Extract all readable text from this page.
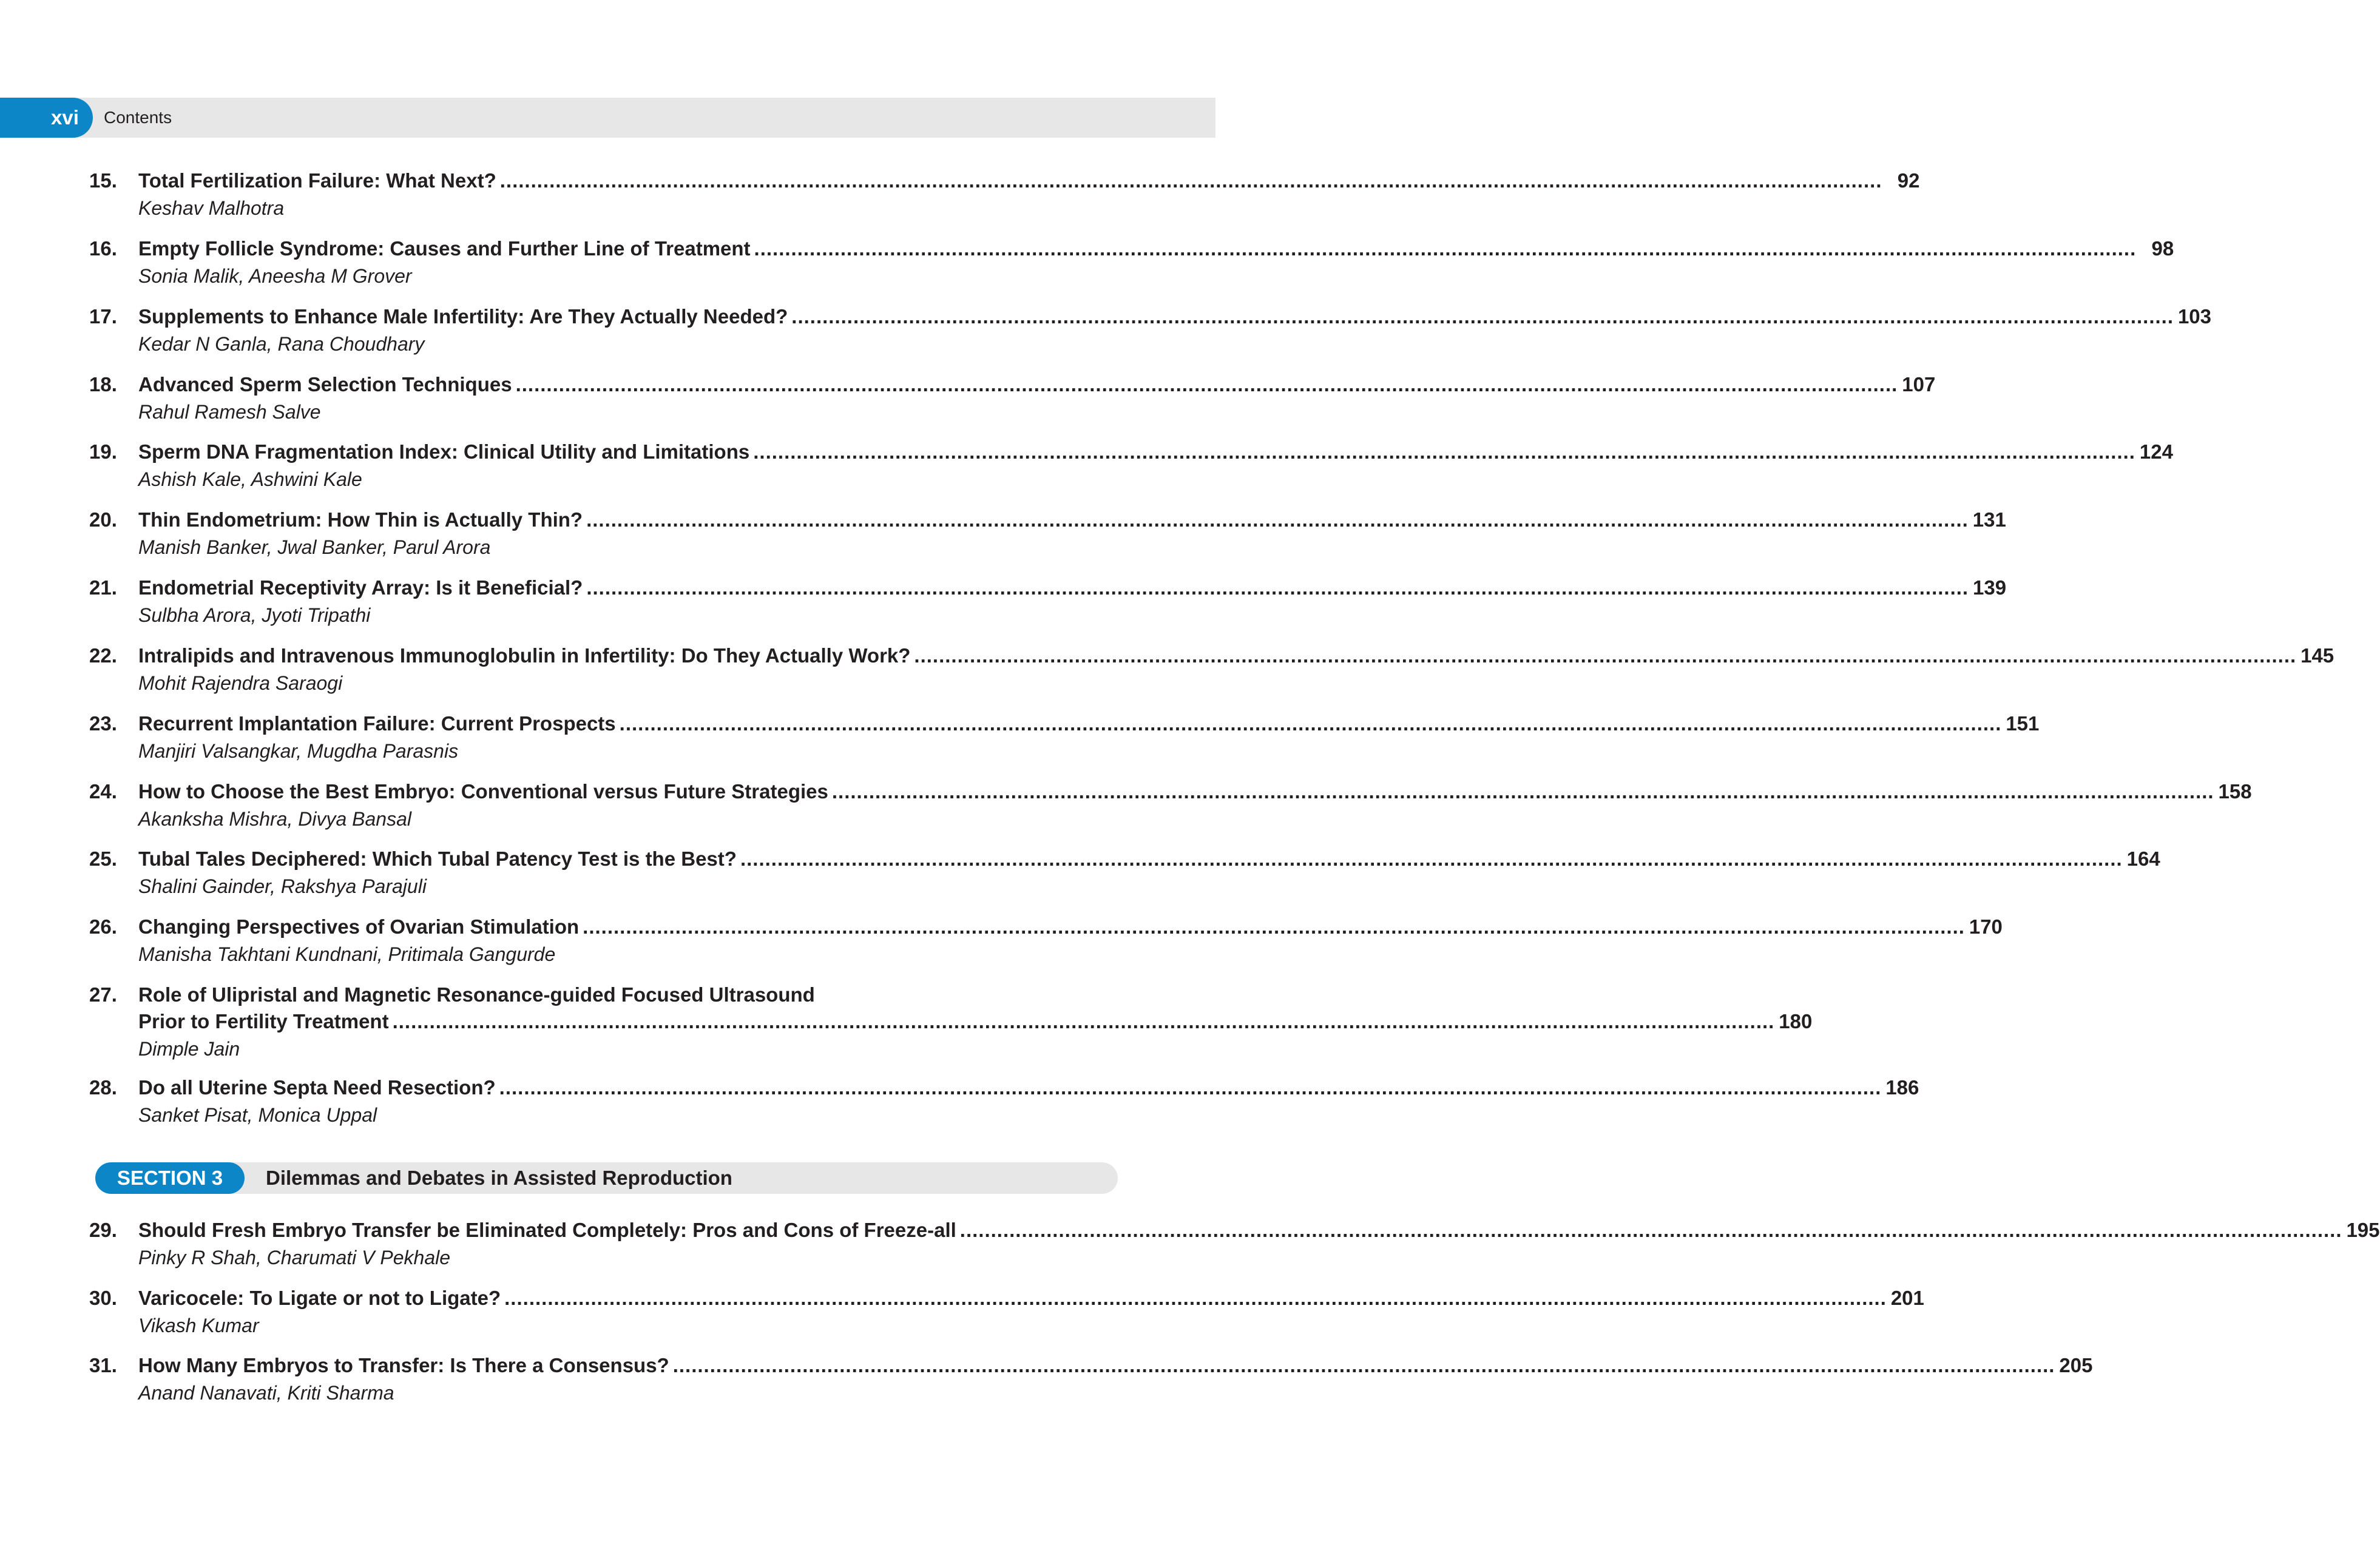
xvi Contents
15. Total Fertilization Failure: What Next? ................................................................................................................................................................................................................................ 92
Keshav Malhotra
16. Empty Follicle Syndrome: Causes and Further Line of Treatment ................................................................................................................................................................................................................................ 98
Sonia Malik, Aneesha M Grover
17. Supplements to Enhance Male Infertility: Are They Actually Needed? ................................................................................................................................................................................................................................ 103
Kedar N Ganla, Rana Choudhary
18. Advanced Sperm Selection Techniques ................................................................................................................................................................................................................................ 107
Rahul Ramesh Salve
19. Sperm DNA Fragmentation Index: Clinical Utility and Limitations ................................................................................................................................................................................................................................ 124
Ashish Kale, Ashwini Kale
20. Thin Endometrium: How Thin is Actually Thin? ................................................................................................................................................................................................................................ 131
Manish Banker, Jwal Banker, Parul Arora
21. Endometrial Receptivity Array: Is it Beneficial? ................................................................................................................................................................................................................................ 139
Sulbha Arora, Jyoti Tripathi
22. Intralipids and Intravenous Immunoglobulin in Infertility: Do They Actually Work? ................................................................................................................................................................................................................................ 145
Mohit Rajendra Saraogi
23. Recurrent Implantation Failure: Current Prospects ................................................................................................................................................................................................................................ 151
Manjiri Valsangkar, Mugdha Parasnis
24. How to Choose the Best Embryo: Conventional versus Future Strategies ................................................................................................................................................................................................................................ 158
Akanksha Mishra, Divya Bansal
25. Tubal Tales Deciphered: Which Tubal Patency Test is the Best? ................................................................................................................................................................................................................................ 164
Shalini Gainder, Rakshya Parajuli
26. Changing Perspectives of Ovarian Stimulation ................................................................................................................................................................................................................................ 170
Manisha Takhtani Kundnani, Pritimala Gangurde
27. Role of Ulipristal and Magnetic Resonance-guided Focused Ultrasound
Prior to Fertility Treatment ................................................................................................................................................................................................................................ 180
Dimple Jain
28. Do all Uterine Septa Need Resection? ................................................................................................................................................................................................................................ 186
Sanket Pisat, Monica Uppal
29. Should Fresh Embryo Transfer be Eliminated Completely: Pros and Cons of Freeze-all ................................................................................................................................................................................................................................ 195
Pinky R Shah, Charumati V Pekhale
30. Varicocele: To Ligate or not to Ligate? ................................................................................................................................................................................................................................ 201
Vikash Kumar
31. How Many Embryos to Transfer: Is There a Consensus? ................................................................................................................................................................................................................................ 205
Anand Nanavati, Kriti Sharma
SECTION 3	Dilemmas and Debates in Assisted Reproduction
